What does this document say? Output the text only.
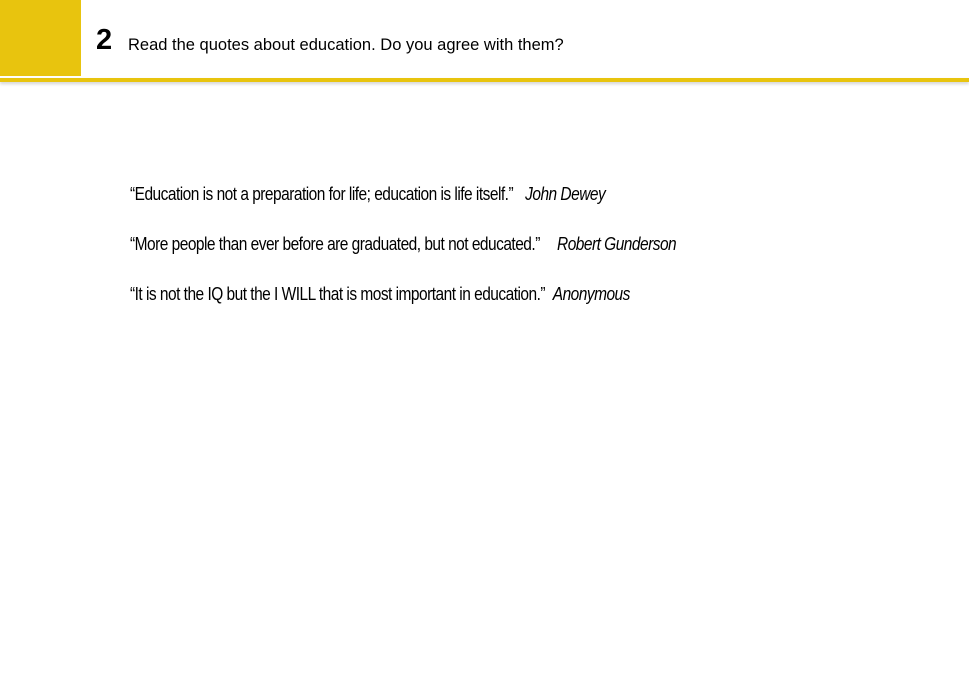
2 Read the quotes about education. Do you agree with them?
“Education is not a preparation for life; education is life itself.” John Dewey
“More people than ever before are graduated, but not educated.” Robert Gunderson
“It is not the IQ but the I WILL that is most important in education.” Anonymous
